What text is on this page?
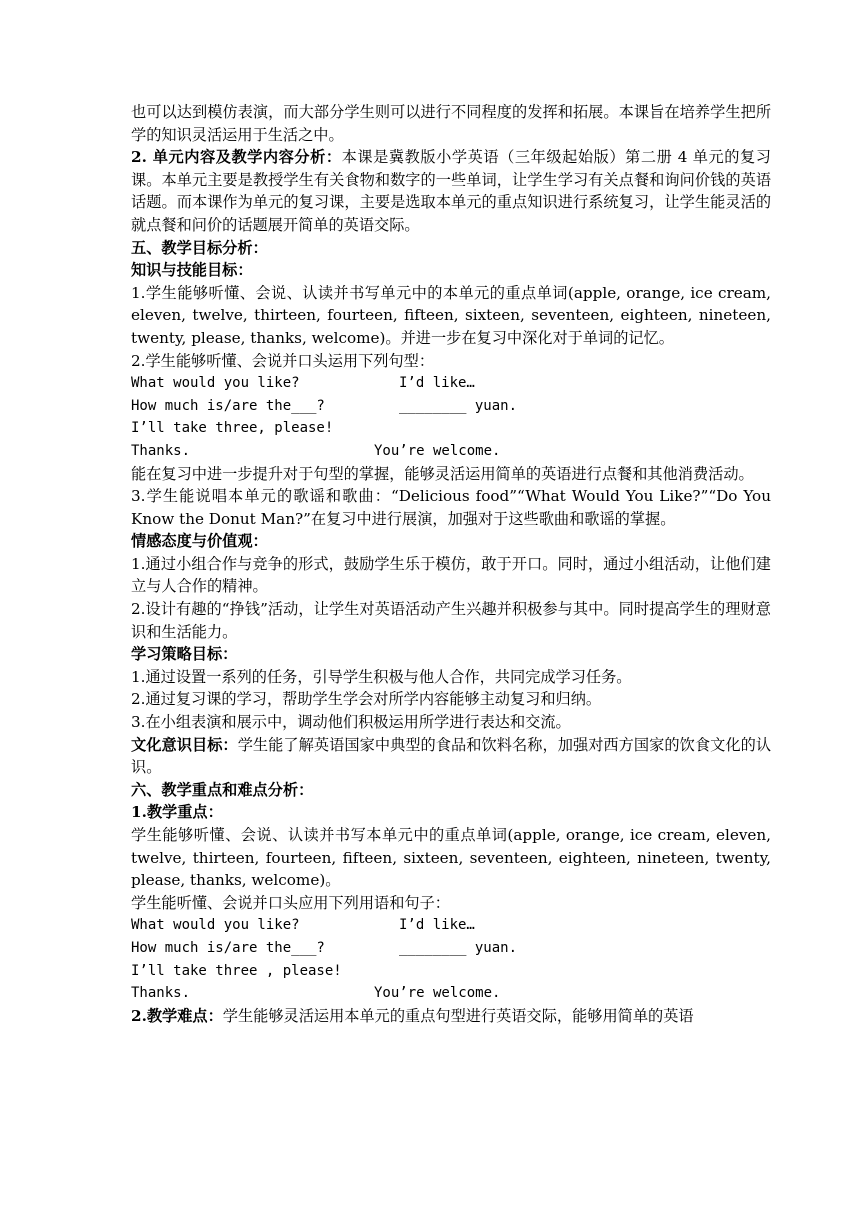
也可以达到模仿表演，而大部分学生则可以进行不同程度的发挥和拓展。本课旨在培养学生把所学的知识灵活运用于生活之中。

2. 单元内容及教学内容分析：本课是冀教版小学英语（三年级起始版）第二册 4 单元的复习课。本单元主要是教授学生有关食物和数字的一些单词，让学生学习有关点餐和询问价钱的英语话题。而本课作为单元的复习课，主要是选取本单元的重点知识进行系统复习，让学生能灵活的就点餐和问价的话题展开简单的英语交际。

五、教学目标分析：

知识与技能目标：

1.学生能够听懂、会说、认读并书写单元中的本单元的重点单词(apple, orange, ice cream, eleven, twelve, thirteen, fourteen, fifteen, sixteen, seventeen, eighteen, nineteen, twenty, please, thanks, welcome)。并进一步在复习中深化对于单词的记忆。

2.学生能够听懂、会说并口头运用下列句型：

What would you like?	I’d like…
How much is/are the___?	________ yuan.
I’ll take three, please!
Thanks.	You’re welcome.

能在复习中进一步提升对于句型的掌握，能够灵活运用简单的英语进行点餐和其他消费活动。

3.学生能说唱本单元的歌谣和歌曲：“Delicious food”“What Would You Like?”“Do You Know the Donut Man?”在复习中进行展演，加强对于这些歌曲和歌谣的掌握。

情感态度与价值观：

1.通过小组合作与竞争的形式，鼓励学生乐于模仿，敢于开口。同时，通过小组活动，让他们建立与人合作的精神。

2.设计有趣的“挣钱”活动，让学生对英语活动产生兴趣并积极参与其中。同时提高学生的理财意识和生活能力。

学习策略目标：

1.通过设置一系列的任务，引导学生积极与他人合作，共同完成学习任务。

2.通过复习课的学习，帮助学生学会对所学内容能够主动复习和归纳。

3.在小组表演和展示中，调动他们积极运用所学进行表达和交流。

文化意识目标：学生能了解英语国家中典型的食品和饮料名称，加强对西方国家的饮食文化的认识。

六、教学重点和难点分析：

1.教学重点：

学生能够听懂、会说、认读并书写本单元中的重点单词(apple, orange, ice cream, eleven, twelve, thirteen, fourteen, fifteen, sixteen, seventeen, eighteen, nineteen, twenty, please, thanks, welcome)。

学生能听懂、会说并口头应用下列用语和句子：

What would you like?	I’d like…
How much is/are the___?	________ yuan.
I’ll take three , please!
Thanks.	You’re welcome.

2.教学难点：学生能够灵活运用本单元的重点句型进行英语交际，能够用简单的英语
